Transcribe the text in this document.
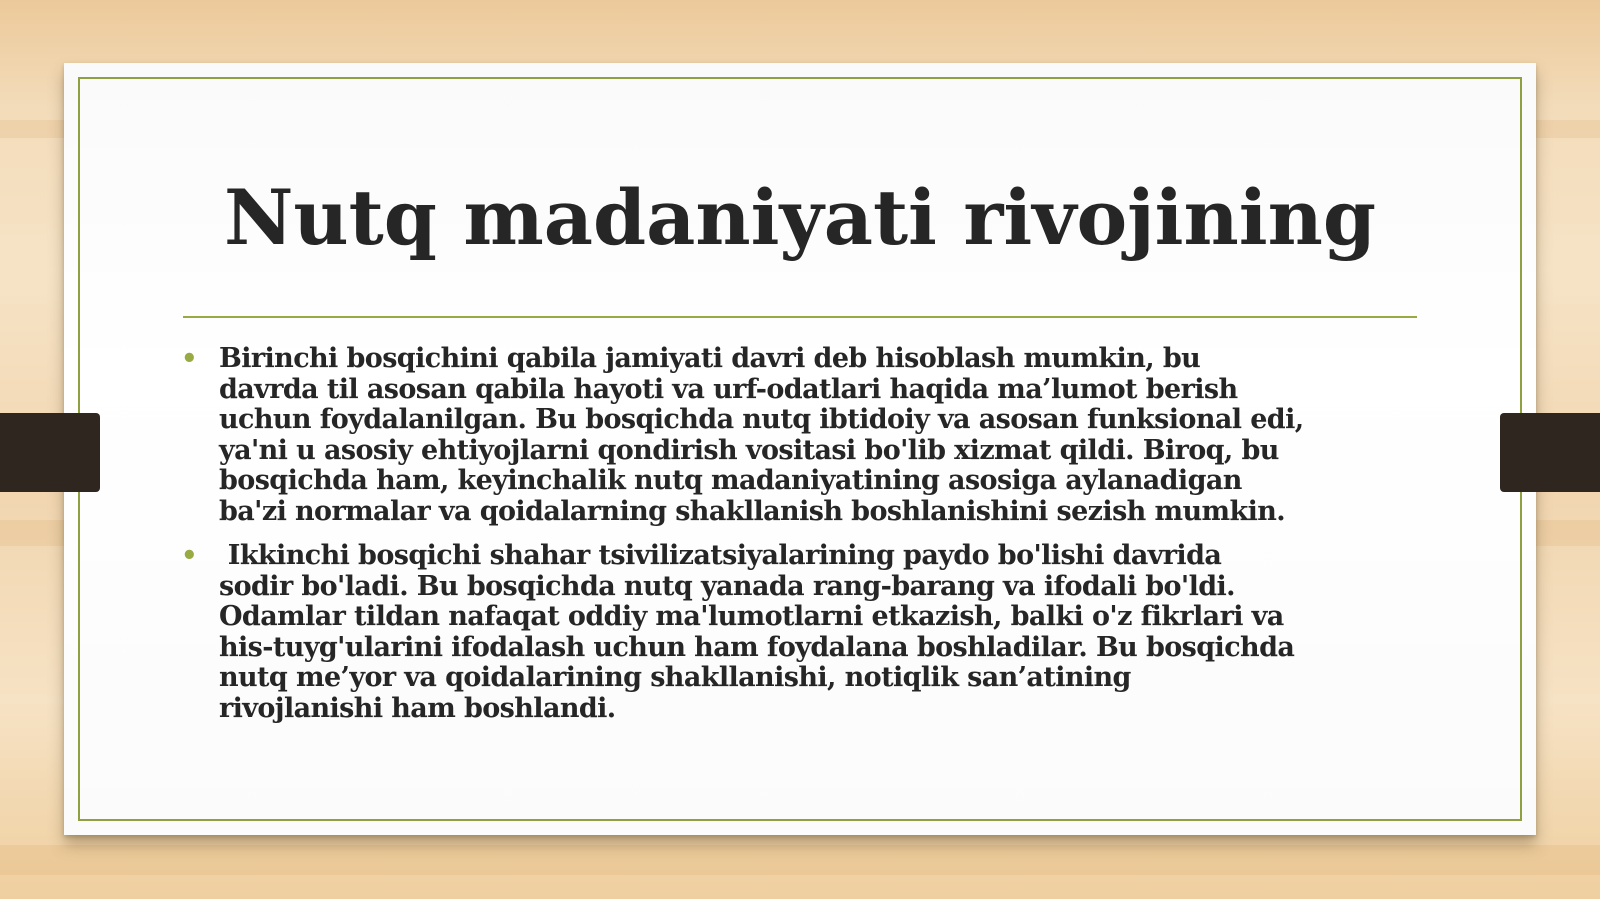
Nutq madaniyati rivojining
• Birinchi bosqichini qabila jamiyati davri deb hisoblash mumkin, bu
davrda til asosan qabila hayoti va urf-odatlari haqida ma’lumot berish
uchun foydalanilgan. Bu bosqichda nutq ibtidoiy va asosan funksional edi,
ya'ni u asosiy ehtiyojlarni qondirish vositasi bo'lib xizmat qildi. Biroq, bu
bosqichda ham, keyinchalik nutq madaniyatining asosiga aylanadigan
ba'zi normalar va qoidalarning shakllanish boshlanishini sezish mumkin.
• Ikkinchi bosqichi shahar tsivilizatsiyalarining paydo bo'lishi davrida
sodir bo'ladi. Bu bosqichda nutq yanada rang-barang va ifodali bo'ldi.
Odamlar tildan nafaqat oddiy ma'lumotlarni etkazish, balki o'z fikrlari va
his-tuyg'ularini ifodalash uchun ham foydalana boshladilar. Bu bosqichda
nutq me’yor va qoidalarining shakllanishi, notiqlik san’atining
rivojlanishi ham boshlandi.
